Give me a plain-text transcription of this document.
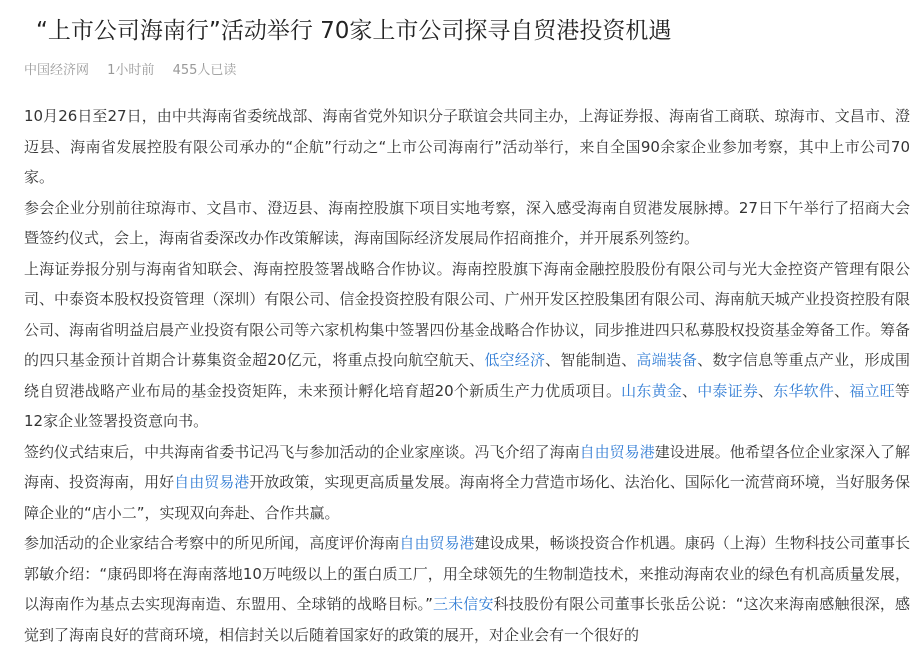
“上市公司海南行”活动举行 70家上市公司探寻自贸港投资机遇
中国经济网 1小时前 455人已读

10月26日至27日，由中共海南省委统战部、海南省党外知识分子联谊会共同主办，上海证券报、海南省工商联、琼海市、文昌市、澄迈县、海南省发展控股有限公司承办的“企航”行动之“上市公司海南行”活动举行，来自全国90余家企业参加考察，其中上市公司70家。

参会企业分别前往琼海市、文昌市、澄迈县、海南控股旗下项目实地考察，深入感受海南自贸港发展脉搏。27日下午举行了招商大会暨签约仪式，会上，海南省委深改办作改策解读，海南国际经济发展局作招商推介，并开展系列签约。

上海证券报分别与海南省知联会、海南控股签署战略合作协议。海南控股旗下海南金融控股股份有限公司与光大金控资产管理有限公司、中泰资本股权投资管理（深圳）有限公司、信金投资控股有限公司、广州开发区控股集团有限公司、海南航天城产业投资控股有限公司、海南省明益启晨产业投资有限公司等六家机构集中签署四份基金战略合作协议，同步推进四只私募股权投资基金筹备工作。筹备的四只基金预计首期合计募集资金超20亿元，将重点投向航空航天、低空经济、智能制造、高端装备、数字信息等重点产业，形成围绕自贸港战略产业布局的基金投资矩阵，未来预计孵化培育超20个新质生产力优质项目。山东黄金、中泰证券、东华软件、福立旺等12家企业签署投资意向书。

签约仪式结束后，中共海南省委书记冯飞与参加活动的企业家座谈。冯飞介绍了海南自由贸易港建设进展。他希望各位企业家深入了解海南、投资海南，用好自由贸易港开放政策，实现更高质量发展。海南将全力营造市场化、法治化、国际化一流营商环境，当好服务保障企业的“店小二”，实现双向奔赴、合作共赢。

参加活动的企业家结合考察中的所见所闻，高度评价海南自由贸易港建设成果，畅谈投资合作机遇。康码（上海）生物科技公司董事长郭敏介绍：“康码即将在海南落地10万吨级以上的蛋白质工厂，用全球领先的生物制造技术，来推动海南农业的绿色有机高质量发展，以海南作为基点去实现海南造、东盟用、全球销的战略目标。”三未信安科技股份有限公司董事长张岳公说：“这次来海南感触很深，感觉到了海南良好的营商环境，相信封关以后随着国家好的政策的展开，对企业会有一个很好的
